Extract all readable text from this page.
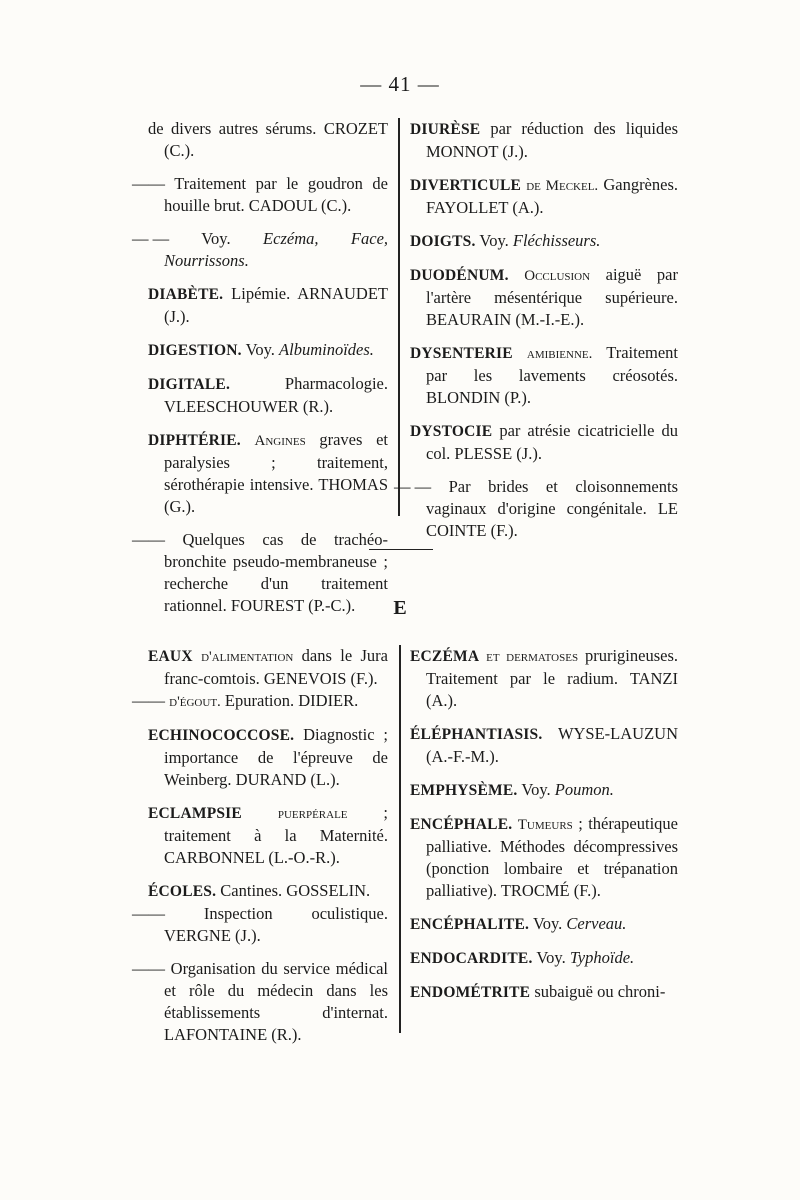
— 41 —

de divers autres sérums. CROZET (C.).

—— Traitement par le goudron de houille brut. CADOUL (C.).

— — Voy. Eczéma, Face, Nourrissons.

DIABÈTE. Lipémie. ARNAUDET (J.).

DIGESTION. Voy. Albuminoïdes.

DIGITALE.	Pharmacologie. VLEESCHOUWER (R.).

DIPHTÉRIE. Angines graves et paralysies ; traitement, sérothérapie intensive. THOMAS (G.).

—— Quelques cas de trachéo-bronchite pseudo-membraneuse ; recherche d'un traitement rationnel. FOUREST (P.-C.).

DIURÈSE par réduction des liquides MONNOT (J.).

DIVERTICULE de Meckel. Gangrènes. FAYOLLET (A.).

DOIGTS. Voy. Fléchisseurs.

DUODÉNUM. Occlusion aiguë par l'artère mésentérique supérieure. BEAURAIN (M.-I.-E.).

DYSENTERIE amibienne. Traitement par les lavements créosotés. BLONDIN (P.).

DYSTOCIE par atrésie cicatricielle du col. PLESSE (J.).

— — Par brides et cloisonnements vaginaux d'origine congénitale. LE COINTE (F.).

E

EAUX d'alimentation dans le Jura franc-comtois. GENEVOIS (F.).

—— d'égout. Epuration. DIDIER.

ECHINOCOCCOSE. Diagnostic ; importance de l'épreuve de Weinberg. DURAND (L.).

ECLAMPSIE puerpérale ; traitement à la Maternité. CARBONNEL (L.-O.-R.).

ÉCOLES. Cantines. GOSSELIN.

—— Inspection oculistique. VERGNE (J.).

—— Organisation du service médical et rôle du médecin dans les établissements d'internat. LAFONTAINE (R.).

ECZÉMA et dermatoses prurigineuses. Traitement par le radium. TANZI (A.).

ÉLÉPHANTIASIS. WYSE-LAUZUN (A.-F.-M.).

EMPHYSÈME. Voy. Poumon.

ENCÉPHALE. Tumeurs ; thérapeutique palliative. Méthodes décompressives (ponction lombaire et trépanation palliative). TROCMÉ (F.).

ENCÉPHALITE. Voy. Cerveau.

ENDOCARDITE. Voy. Typhoïde.

ENDOMÉTRITE subaiguë ou chroni-
